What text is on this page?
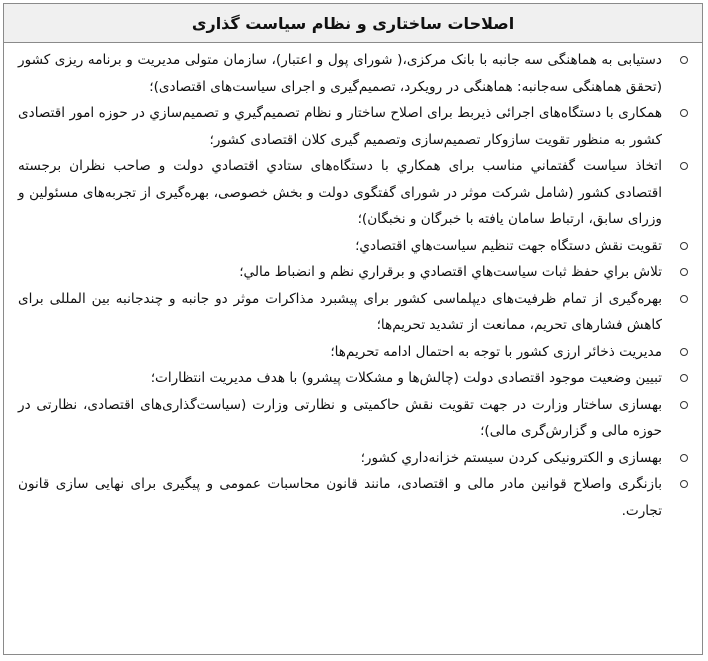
اصلاحات ساختاری و نظام سیاست گذاری
دستیابی به هماهنگی سه جانبه با بانک مرکزی،( شورای پول و اعتبار)، سازمان متولی مدیریت و برنامه ریزی کشور (تحقق هماهنگی سه‌جانبه: هماهنگی در رویکرد، تصمیم‌گیری و اجرای سیاست‌های اقتصادی)؛
همکاری با دستگاه‌های اجرائی ذیربط برای اصلاح ساختار و نظام تصمیم‌گیري و تصمیم‌سازي در حوزه امور اقتصادی کشور به منظور تقویت سازوکار تصمیم‌سازی وتصمیم گیری کلان اقتصادی کشور؛
اتخاذ سیاست گفتماني مناسب برای همکاري با دستگاه‌های ستادي اقتصادي دولت و صاحب نظران برجسته اقتصادی کشور (شامل شرکت موثر در شورای گفتگوی دولت و بخش خصوصی، بهره‌گیری از تجربه‌های مسئولین و وزرای سابق، ارتباط سامان یافته با خبرگان و نخبگان)؛
تقویت نقش دستگاه جهت تنظیم سیاست‌هاي اقتصادي؛
تلاش براي حفظ ثبات سیاست‌هاي اقتصادي و برقراري نظم و انضباط مالي؛
بهره‌گیری از تمام ظرفیت‌های دیپلماسی کشور برای پیشبرد مذاکرات موثر دو جانبه و چندجانبه بین المللی برای کاهش فشارهای تحریم، ممانعت از تشدید تحریم‌ها؛
مدیریت ذخائر ارزی کشور با توجه به احتمال ادامه تحریم‌ها؛
تبیین وضعیت موجود اقتصادی دولت (چالش‌ها و مشکلات پیشرو) با هدف مدیریت انتظارات؛
بهسازی ساختار وزارت در جهت تقویت نقش حاکمیتی و نظارتی وزارت (سیاست‌گذاری‌های اقتصادی، نظارتی در حوزه مالی و گزارش‌گری مالی)؛
بهسازی و الکترونیکی کردن سیستم خزانه‌داري کشور؛
بازنگری واصلاح قوانین مادر مالی و اقتصادی، مانند قانون محاسبات عمومی و پیگیری برای نهایی سازی قانون تجارت.
